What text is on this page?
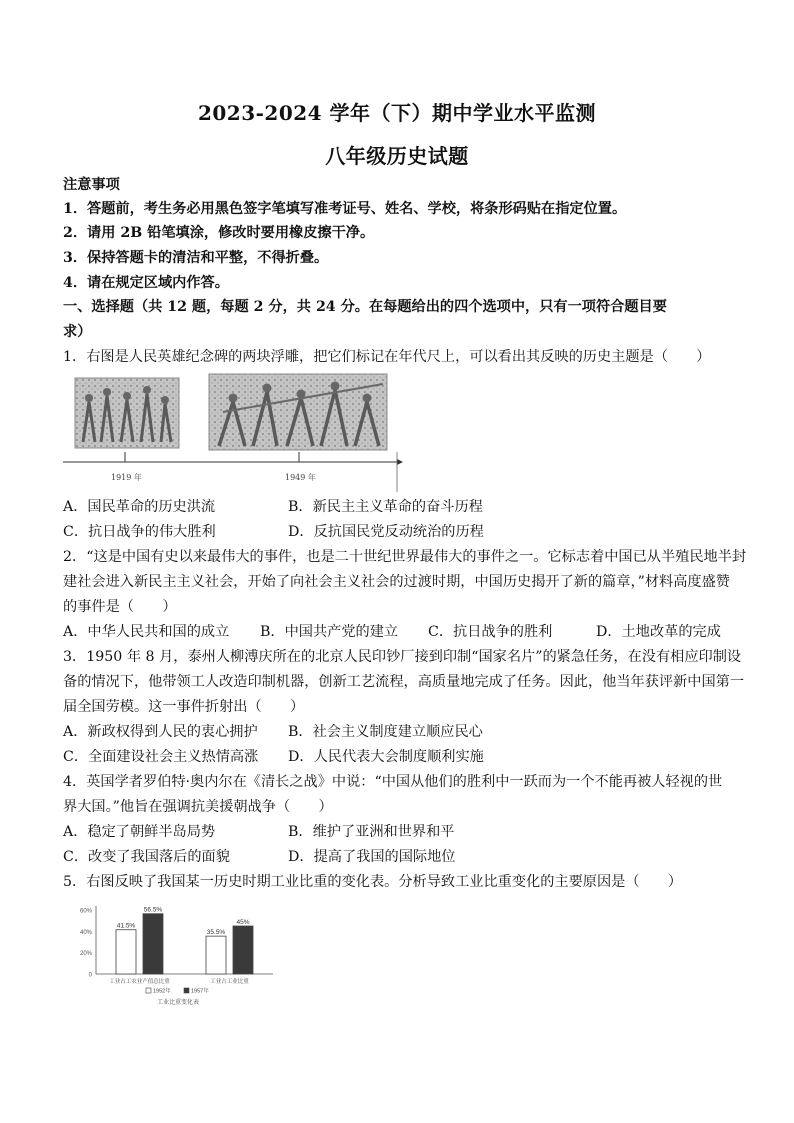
2023-2024 学年（下）期中学业水平监测
八年级历史试题
注意事项
1．答题前，考生务必用黑色签字笔填写准考证号、姓名、学校，将条形码贴在指定位置。
2．请用 2B 铅笔填涂，修改时要用橡皮擦干净。
3．保持答题卡的清洁和平整，不得折叠。
4．请在规定区域内作答。
一、选择题（共 12 题，每题 2 分，共 24 分。在每题给出的四个选项中，只有一项符合题目要
求）
1．右图是人民英雄纪念碑的两块浮雕，把它们标记在年代尺上，可以看出其反映的历史主题是（　　）
1919 年	1949 年
A．国民革命的历史洪流	B．新民主主义革命的奋斗历程
C．抗日战争的伟大胜利	D．反抗国民党反动统治的历程
2．“这是中国有史以来最伟大的事件，也是二十世纪世界最伟大的事件之一。它标志着中国已从半殖民地半封
建社会进入新民主主义社会，开始了向社会主义社会的过渡时期，中国历史揭开了新的篇章，”材料高度盛赞
的事件是（　　）
A．中华人民共和国的成立 B．中国共产党的建立 C．抗日战争的胜利	D．土地改革的完成
3．1950 年 8 月，泰州人柳溥庆所在的北京人民印钞厂接到印制“国家名片”的紧急任务，在没有相应印制设
备的情况下，他带领工人改造印制机器，创新工艺流程，高质量地完成了任务。因此，他当年获评新中国第一
届全国劳模。这一事件折射出（　　）
A．新政权得到人民的衷心拥护 B．社会主义制度建立顺应民心
C．全面建设社会主义热情高涨 D．人民代表大会制度顺利实施
4．英国学者罗伯特·奥内尔在《清长之战》中说：“中国从他们的胜利中一跃而为一个不能再被人轻视的世
界大国。”他旨在强调抗美援朝战争（　　）
A．稳定了朝鲜半岛局势	B．维护了亚洲和世界和平
C．改变了我国落后的面貌	D．提高了我国的国际地位
5．右图反映了我国某一历史时期工业比重的变化表。分析导致工业比重变化的主要原因是（　　）
60%
40%
20%
0
41.5%
56.5%
工业占工农业产值总比重
35.5%
45%
工业占工业比重
1952年	1957年
工业比重变化表
